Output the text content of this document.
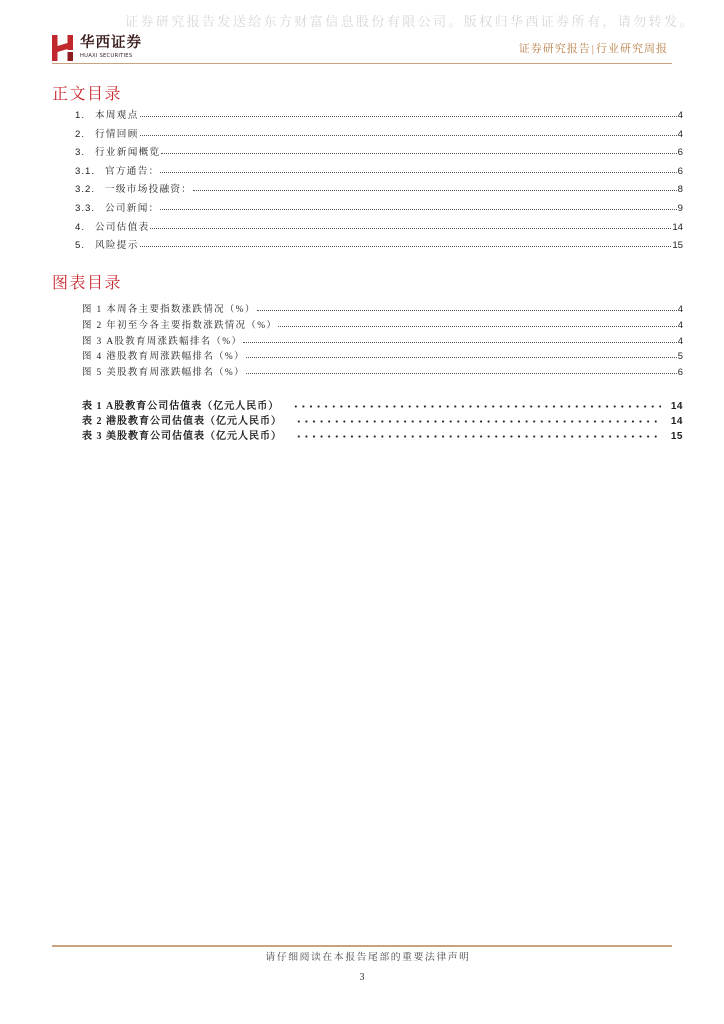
证券研究报告发送给东方财富信息股份有限公司。版权归华西证券所有，请勿转发。
华西证券
HUAXI SECURITIES
证券研究报告|行业研究周报
正文目录
1. 本周观点	4
2. 行情回顾	4
3. 行业新闻概览	6
3.1. 官方通告：	6
3.2. 一级市场投融资：	8
3.3. 公司新闻：	9
4. 公司估值表	14
5. 风险提示	15
图表目录
图 1 本周各主要指数涨跌情况（%）	4
图 2 年初至今各主要指数涨跌情况（%）	4
图 3 A股教育周涨跌幅排名（%）	4
图 4 港股教育周涨跌幅排名（%）	5
图 5 美股教育周涨跌幅排名（%）	6
表 1 A股教育公司估值表（亿元人民币）	14
表 2 港股教育公司估值表（亿元人民币）	14
表 3 美股教育公司估值表（亿元人民币）	15
请仔细阅读在本报告尾部的重要法律声明
3
